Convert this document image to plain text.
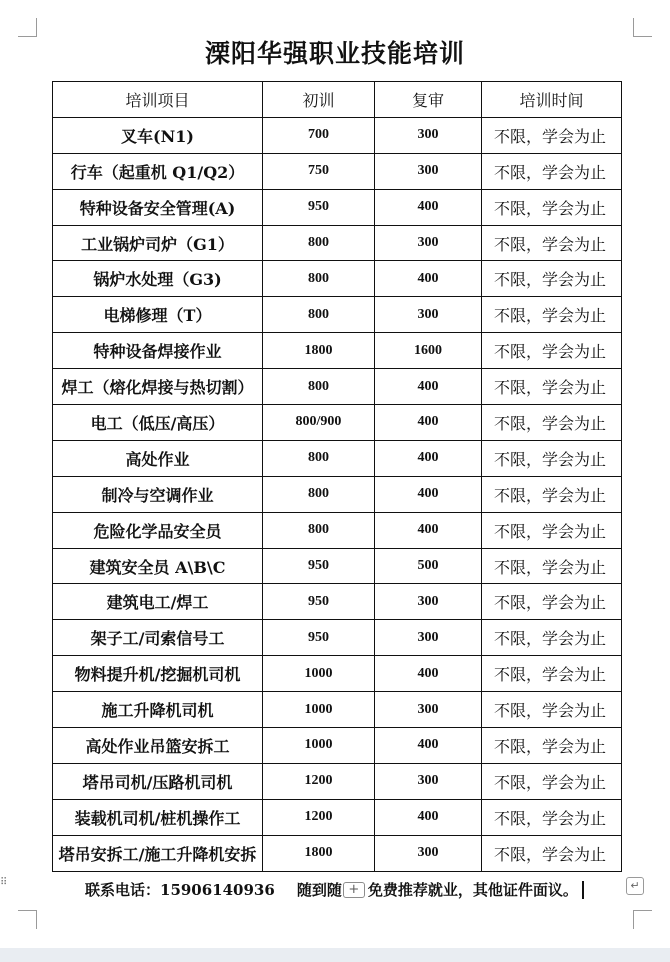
溧阳华强职业技能培训
培训项目	初训	复审	培训时间
叉车(N1)	700	300	不限，学会为止
行车（起重机 Q1/Q2）	750	300	不限，学会为止
特种设备安全管理(A)	950	400	不限，学会为止
工业锅炉司炉（G1）	800	300	不限，学会为止
锅炉水处理（G3)	800	400	不限，学会为止
电梯修理（T）	800	300	不限，学会为止
特种设备焊接作业	1800	1600	不限，学会为止
焊工（熔化焊接与热切割）	800	400	不限，学会为止
电工（低压/高压）	800/900	400	不限，学会为止
高处作业	800	400	不限，学会为止
制冷与空调作业	800	400	不限，学会为止
危险化学品安全员	800	400	不限，学会为止
建筑安全员 A\B\C	950	500	不限，学会为止
建筑电工/焊工	950	300	不限，学会为止
架子工/司索信号工	950	300	不限，学会为止
物料提升机/挖掘机司机	1000	400	不限，学会为止
施工升降机司机	1000	300	不限，学会为止
高处作业吊篮安拆工	1000	400	不限，学会为止
塔吊司机/压路机司机	1200	300	不限，学会为止
装载机司机/桩机操作工	1200	400	不限，学会为止
塔吊安拆工/施工升降机安拆	1800	300	不限，学会为止
⠿	联系电话：15906140936 随到随 + 免费推荐就业，其他证件面议。	↵
